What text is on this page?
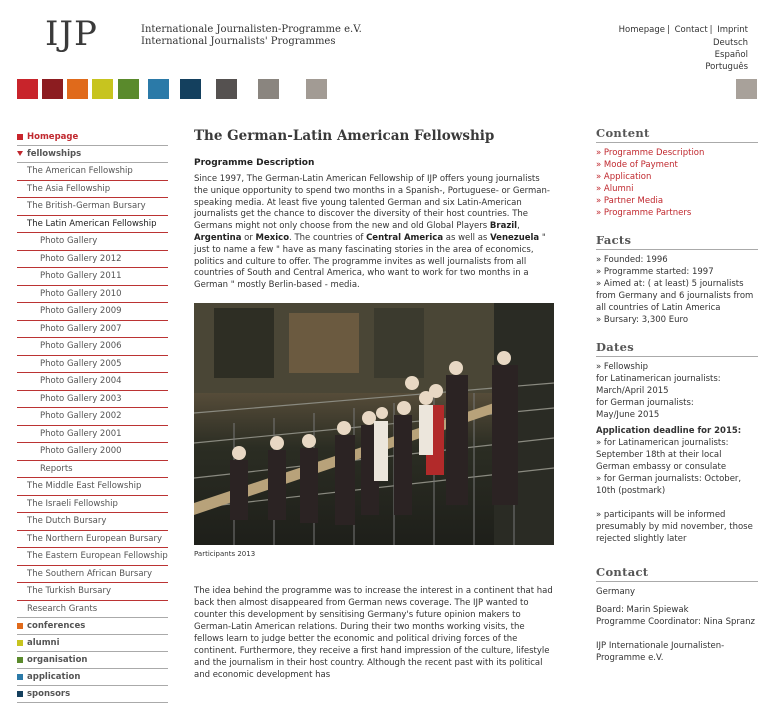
IJP	Internationale Journalisten-Programme e.V.
International Journalists' Programmes
Homepage | Contact | Imprint
Deutsch
Español
Português
Homepage
fellowships
The American Fellowship
The Asia Fellowship
The British-German Bursary
The Latin American Fellowship
Photo Gallery
Photo Gallery 2012
Photo Gallery 2011
Photo Gallery 2010
Photo Gallery 2009
Photo Gallery 2007
Photo Gallery 2006
Photo Gallery 2005
Photo Gallery 2004
Photo Gallery 2003
Photo Gallery 2002
Photo Gallery 2001
Photo Gallery 2000
Reports
The Middle East Fellowship
The Israeli Fellowship
The Dutch Bursary
The Northern European Bursary
The Eastern European Fellowship
The Southern African Bursary
The Turkish Bursary
Research Grants
conferences
alumni
organisation
application
sponsors
The German-Latin American Fellowship
Programme Description

Since 1997, The German-Latin American Fellowship of IJP offers young journalists the unique opportunity to spend two months in a Spanish-, Portuguese- or German-speaking media. At least five young talented German and six Latin-American journalists get the chance to discover the diversity of their host countries. The Germans might not only choose from the new and old Global Players Brazil, Argentina or Mexico. The countries of Central America as well as Venezuela " just to name a few " have as many fascinating stories in the area of economics, politics and culture to offer. The programme invites as well journalists from all countries of South and Central America, who want to work for two months in a German " mostly Berlin-based - media.

Participants 2013

The idea behind the programme was to increase the interest in a continent that had back then almost disappeared from German news coverage. The IJP wanted to counter this development by sensitising Germany's future opinion makers to German-Latin American relations. During their two months working visits, the fellows learn to judge better the economic and political driving forces of the continent. Furthermore, they receive a first hand impression of the culture, lifestyle and the journalism in their host country. Although the recent past with its political and economic development has

Content
» Programme Description
» Mode of Payment
» Application
» Alumni
» Partner Media
» Programme Partners
Facts
» Founded: 1996
» Programme started: 1997
» Aimed at: ( at least) 5 journalists from Germany and 6 journalists from all countries of Latin America
» Bursary: 3,300 Euro
Dates
» Fellowship
for Latinamerican journalists:
March/April 2015
for German journalists:
May/June 2015
Application deadline for 2015:
» for Latinamerican journalists: September 18th at their local German embassy or consulate
» for German journalists: October, 10th (postmark)
» participants will be informed presumably by mid november, those rejected slightly later
Contact
Germany
Board: Marin Spiewak
Programme Coordinator: Nina Spranz
IJP Internationale Journalisten-Programme e.V.
